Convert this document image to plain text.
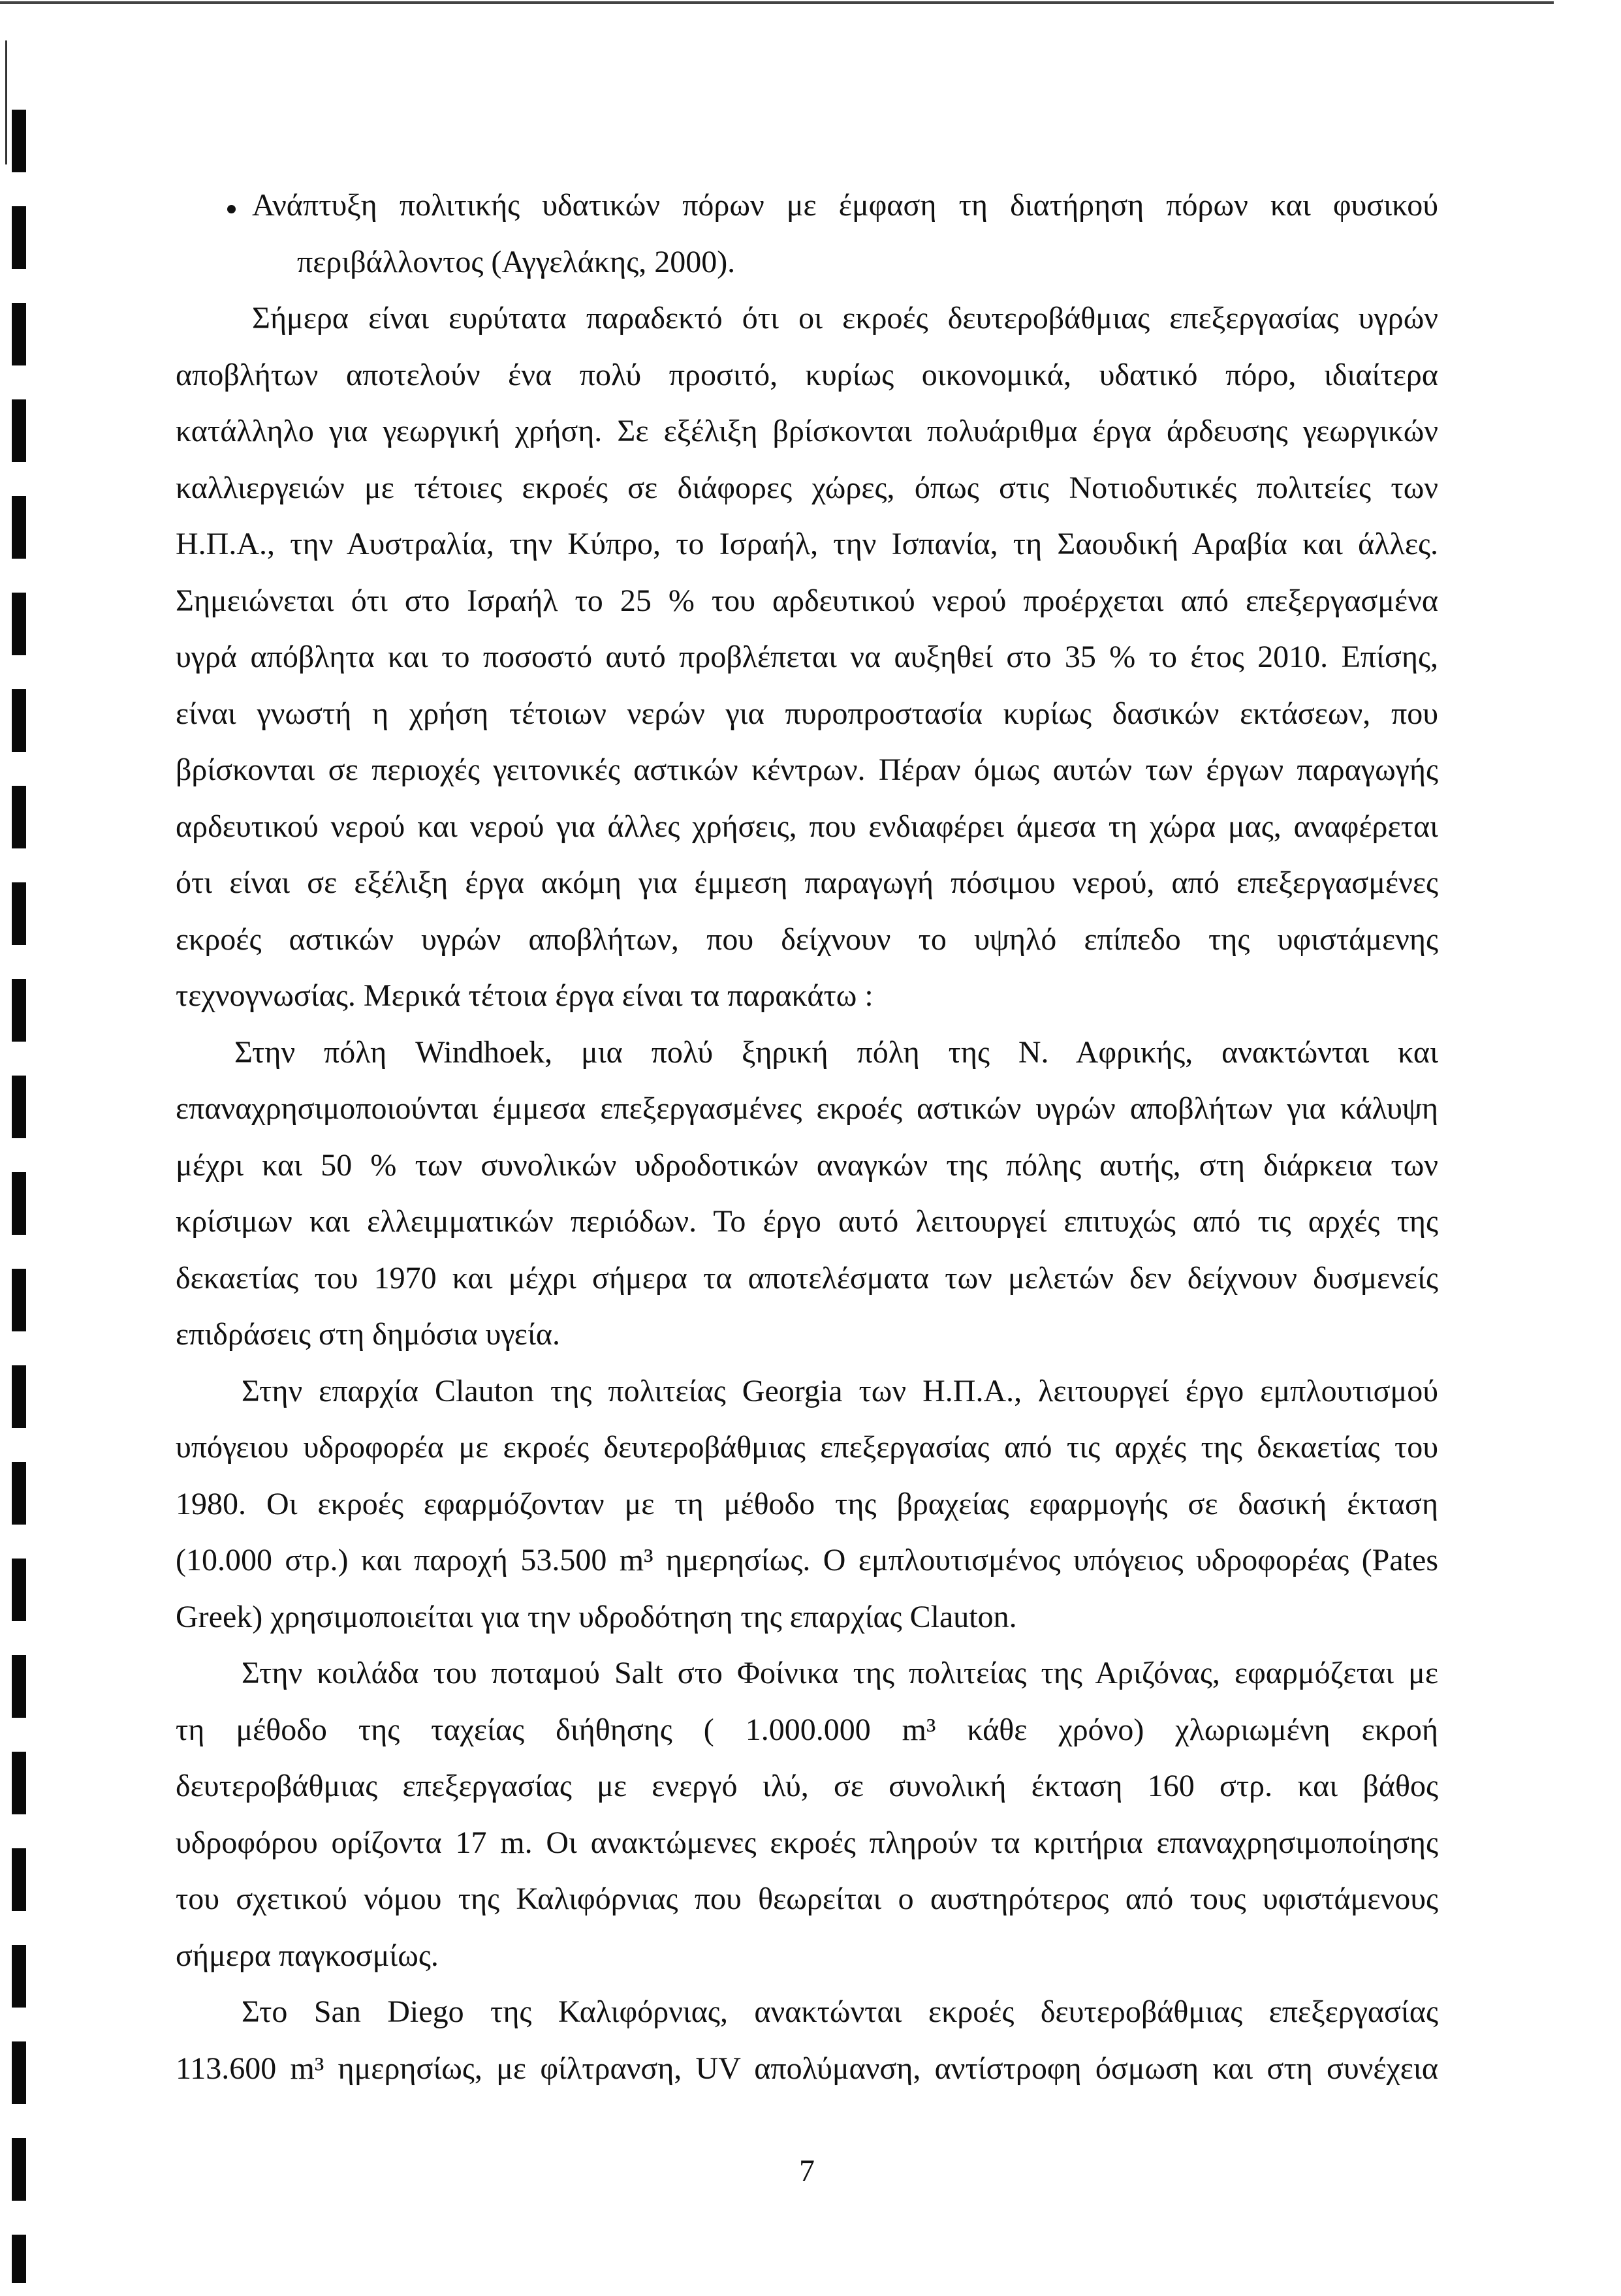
Ανάπτυξη πολιτικής υδατικών πόρων με έμφαση τη διατήρηση πόρων και φυσικού
περιβάλλοντος (Αγγελάκης, 2000).
Σήμερα είναι ευρύτατα παραδεκτό ότι οι εκροές δευτεροβάθμιας επεξεργασίας υγρών
αποβλήτων αποτελούν ένα πολύ προσιτό, κυρίως οικονομικά, υδατικό πόρο, ιδιαίτερα
κατάλληλο για γεωργική χρήση. Σε εξέλιξη βρίσκονται πολυάριθμα έργα άρδευσης γεωργικών
καλλιεργειών με τέτοιες εκροές σε διάφορες χώρες, όπως στις Νοτιοδυτικές πολιτείες των
Η.Π.Α., την Αυστραλία, την Κύπρο, το Ισραήλ, την Ισπανία, τη Σαουδική Αραβία και άλλες.
Σημειώνεται ότι στο Ισραήλ το 25 % του αρδευτικού νερού προέρχεται από επεξεργασμένα
υγρά απόβλητα και το ποσοστό αυτό προβλέπεται να αυξηθεί στο 35 % το έτος 2010. Επίσης,
είναι γνωστή η χρήση τέτοιων νερών για πυροπροστασία κυρίως δασικών εκτάσεων, που
βρίσκονται σε περιοχές γειτονικές αστικών κέντρων. Πέραν όμως αυτών των έργων παραγωγής
αρδευτικού νερού και νερού για άλλες χρήσεις, που ενδιαφέρει άμεσα τη χώρα μας, αναφέρεται
ότι είναι σε εξέλιξη έργα ακόμη για έμμεση παραγωγή πόσιμου νερού, από επεξεργασμένες
εκροές αστικών υγρών αποβλήτων, που δείχνουν το υψηλό επίπεδο της υφιστάμενης
τεχνογνωσίας. Μερικά τέτοια έργα είναι τα παρακάτω :
Στην πόλη Windhoek, μια πολύ ξηρική πόλη της Ν. Αφρικής, ανακτώνται και
επαναχρησιμοποιούνται έμμεσα επεξεργασμένες εκροές αστικών υγρών αποβλήτων για κάλυψη
μέχρι και 50 % των συνολικών υδροδοτικών αναγκών της πόλης αυτής, στη διάρκεια των
κρίσιμων και ελλειμματικών περιόδων. Το έργο αυτό λειτουργεί επιτυχώς από τις αρχές της
δεκαετίας του 1970 και μέχρι σήμερα τα αποτελέσματα των μελετών δεν δείχνουν δυσμενείς
επιδράσεις στη δημόσια υγεία.
Στην επαρχία Clauton της πολιτείας Georgia των Η.Π.Α., λειτουργεί έργο εμπλουτισμού
υπόγειου υδροφορέα με εκροές δευτεροβάθμιας επεξεργασίας από τις αρχές της δεκαετίας του
1980. Οι εκροές εφαρμόζονταν με τη μέθοδο της βραχείας εφαρμογής σε δασική έκταση
(10.000 στρ.) και παροχή 53.500 m³ ημερησίως. Ο εμπλουτισμένος υπόγειος υδροφορέας (Pates
Greek) χρησιμοποιείται για την υδροδότηση της επαρχίας Clauton.
Στην κοιλάδα του ποταμού Salt στο Φοίνικα της πολιτείας της Αριζόνας, εφαρμόζεται με
τη μέθοδο της ταχείας διήθησης ( 1.000.000 m³ κάθε χρόνο) χλωριωμένη εκροή
δευτεροβάθμιας επεξεργασίας με ενεργό ιλύ, σε συνολική έκταση 160 στρ. και βάθος
υδροφόρου ορίζοντα 17 m. Οι ανακτώμενες εκροές πληρούν τα κριτήρια επαναχρησιμοποίησης
του σχετικού νόμου της Καλιφόρνιας που θεωρείται ο αυστηρότερος από τους υφιστάμενους
σήμερα παγκοσμίως.
Στο San Diego της Καλιφόρνιας, ανακτώνται εκροές δευτεροβάθμιας επεξεργασίας
113.600 m³ ημερησίως, με φίλτρανση, UV απολύμανση, αντίστροφη όσμωση και στη συνέχεια
7
